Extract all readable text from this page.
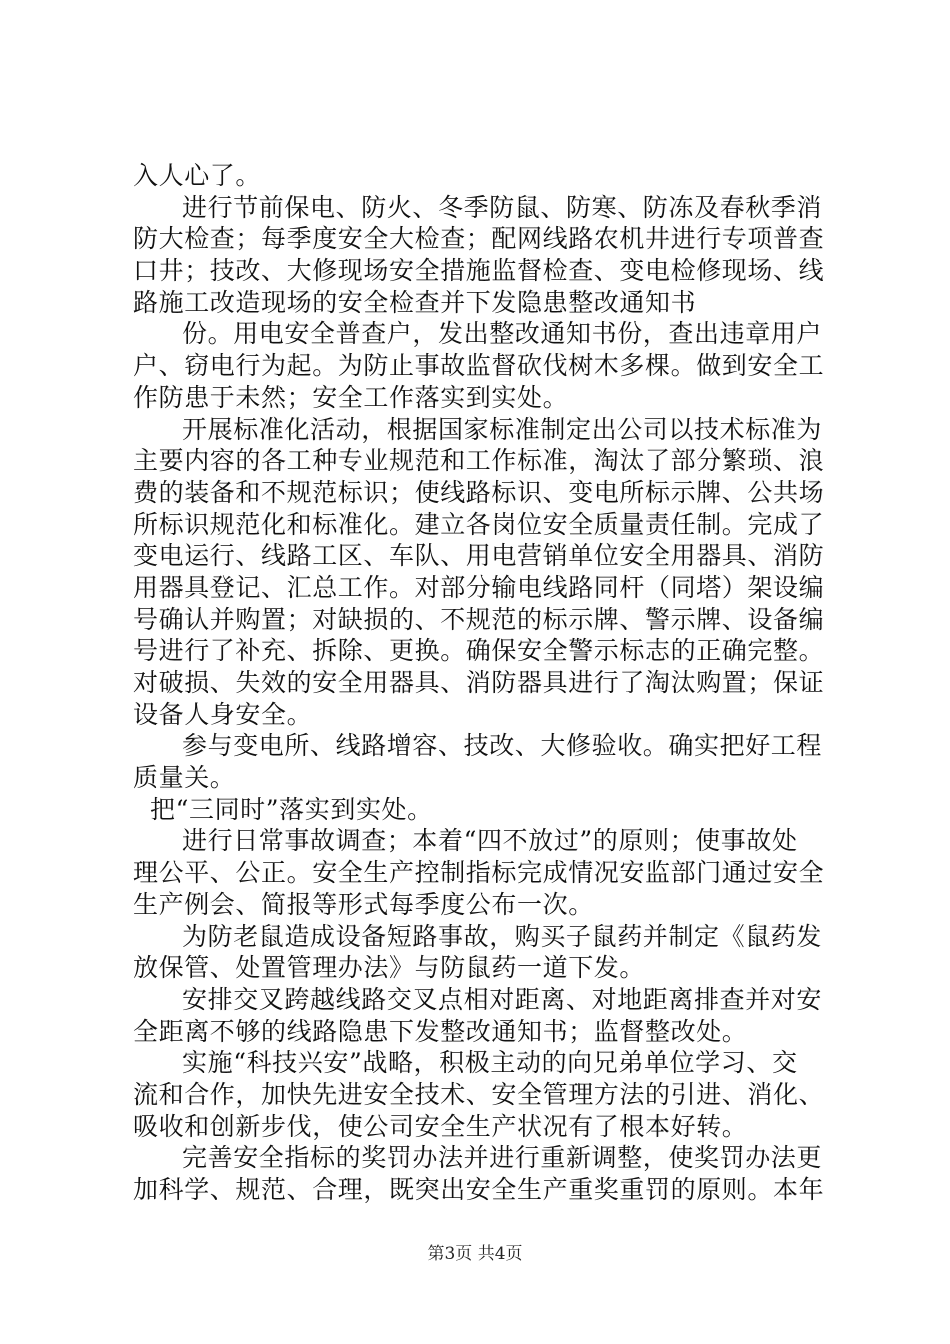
入人心了。
进行节前保电、防火、冬季防鼠、防寒、防冻及春秋季消
防大检查；每季度安全大检查；配网线路农机井进行专项普查
口井；技改、大修现场安全措施监督检查、变电检修现场、线
路施工改造现场的安全检查并下发隐患整改通知书
份。用电安全普查户，发出整改通知书份，查出违章用户
户、窃电行为起。为防止事故监督砍伐树木多棵。做到安全工
作防患于未然；安全工作落实到实处。
开展标准化活动，根据国家标准制定出公司以技术标准为
主要内容的各工种专业规范和工作标准，淘汰了部分繁琐、浪
费的装备和不规范标识；使线路标识、变电所标示牌、公共场
所标识规范化和标准化。建立各岗位安全质量责任制。完成了
变电运行、线路工区、车队、用电营销单位安全用器具、消防
用器具登记、汇总工作。对部分输电线路同杆（同塔）架设编
号确认并购置；对缺损的、不规范的标示牌、警示牌、设备编
号进行了补充、拆除、更换。确保安全警示标志的正确完整。
对破损、失效的安全用器具、消防器具进行了淘汰购置；保证
设备人身安全。
参与变电所、线路增容、技改、大修验收。确实把好工程
质量关。
把“三同时”落实到实处。
进行日常事故调查；本着“四不放过”的原则；使事故处
理公平、公正。安全生产控制指标完成情况安监部门通过安全
生产例会、简报等形式每季度公布一次。
为防老鼠造成设备短路事故，购买子鼠药并制定《鼠药发
放保管、处置管理办法》与防鼠药一道下发。
安排交叉跨越线路交叉点相对距离、对地距离排查并对安
全距离不够的线路隐患下发整改通知书；监督整改处。
实施“科技兴安”战略，积极主动的向兄弟单位学习、交
流和合作，加快先进安全技术、安全管理方法的引进、消化、
吸收和创新步伐，使公司安全生产状况有了根本好转。
完善安全指标的奖罚办法并进行重新调整，使奖罚办法更
加科学、规范、合理，既突出安全生产重奖重罚的原则。本年
第3页 共4页
